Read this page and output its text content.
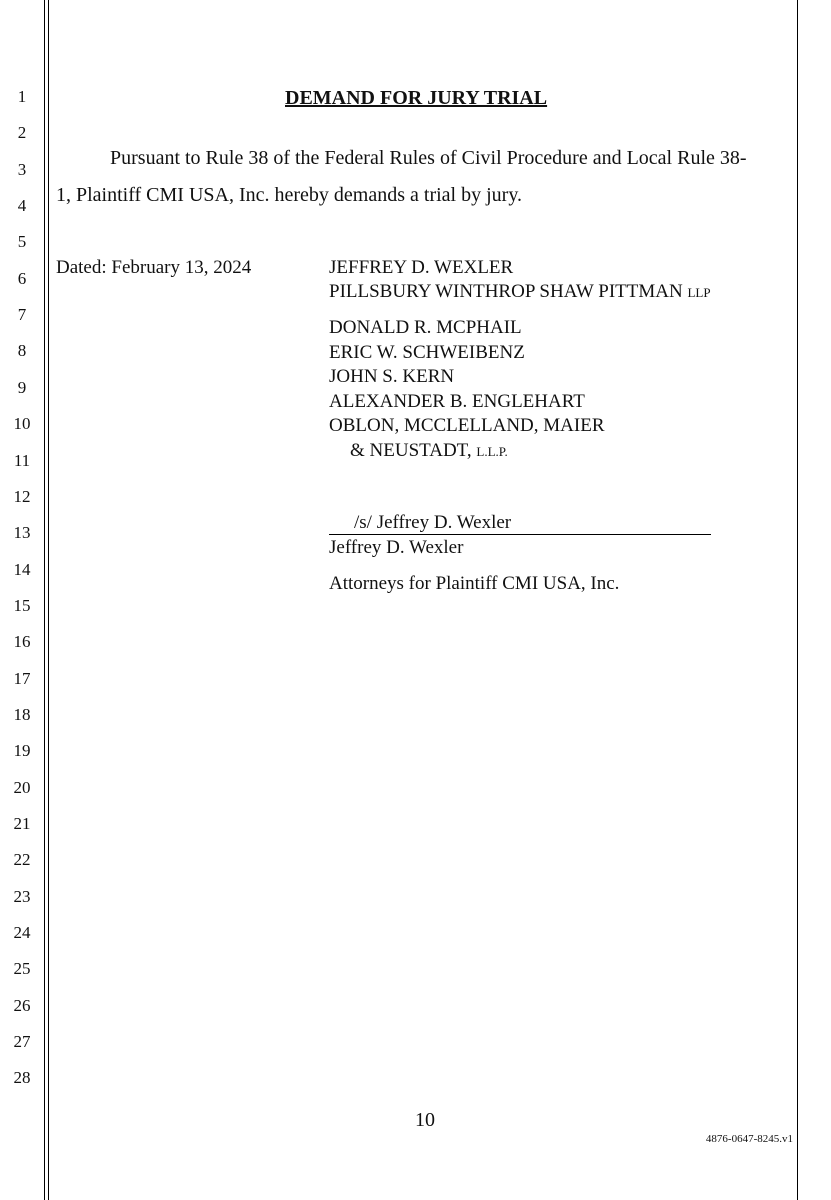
1
2
3
4
5
6
7
8
9
10
11
12
13
14
15
16
17
18
19
20
21
22
23
24
25
26
27
28
DEMAND FOR JURY TRIAL
Pursuant to Rule 38 of the Federal Rules of Civil Procedure and Local Rule 38-
1, Plaintiff CMI USA, Inc. hereby demands a trial by jury.
Dated: February 13, 2024	JEFFREY D. WEXLER
PILLSBURY WINTHROP SHAW PITTMAN LLP
DONALD R. MCPHAIL
ERIC W. SCHWEIBENZ
JOHN S. KERN
ALEXANDER B. ENGLEHART
OBLON, MCCLELLAND, MAIER
& NEUSTADT, L.L.P.
/s/ Jeffrey D. Wexler
Jeffrey D. Wexler
Attorneys for Plaintiff CMI USA, Inc.
10
4876-0647-8245.v1
